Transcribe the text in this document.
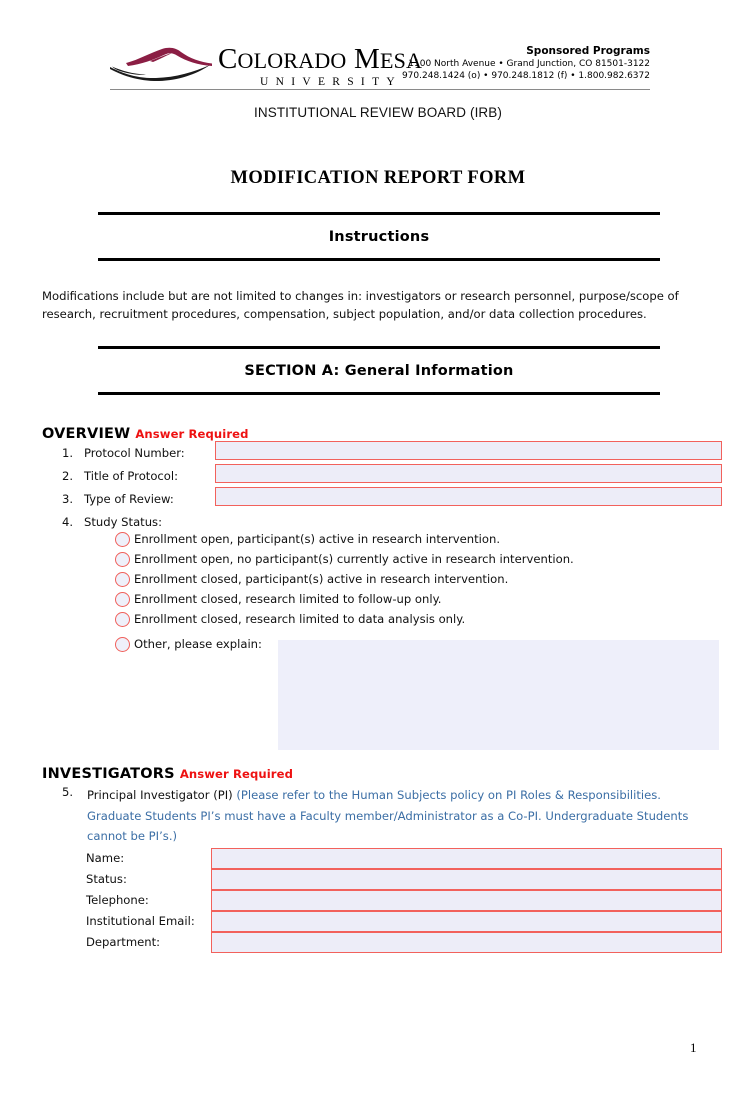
COLORADO MESA
UNIVERSITY
Sponsored Programs
1100 North Avenue • Grand Junction, CO 81501-3122
970.248.1424 (o) • 970.248.1812 (f) • 1.800.982.6372
INSTITUTIONAL REVIEW BOARD (IRB)
MODIFICATION REPORT FORM
Instructions
Modifications include but are not limited to changes in: investigators or research personnel, purpose/scope of research, recruitment procedures, compensation, subject population, and/or data collection procedures.
SECTION A: General Information
OVERVIEW Answer Required
1. Protocol Number:
2. Title of Protocol:
3. Type of Review:
4. Study Status:
Enrollment open, participant(s) active in research intervention.
Enrollment open, no participant(s) currently active in research intervention.
Enrollment closed, participant(s) active in research intervention.
Enrollment closed, research limited to follow-up only.
Enrollment closed, research limited to data analysis only.
Other, please explain:
INVESTIGATORS Answer Required
5. Principal Investigator (PI) (Please refer to the Human Subjects policy on PI Roles & Responsibilities. Graduate Students PI’s must have a Faculty member/Administrator as a Co-PI. Undergraduate Students cannot be PI’s.)
Name:
Status:
Telephone:
Institutional Email:
Department:
1
